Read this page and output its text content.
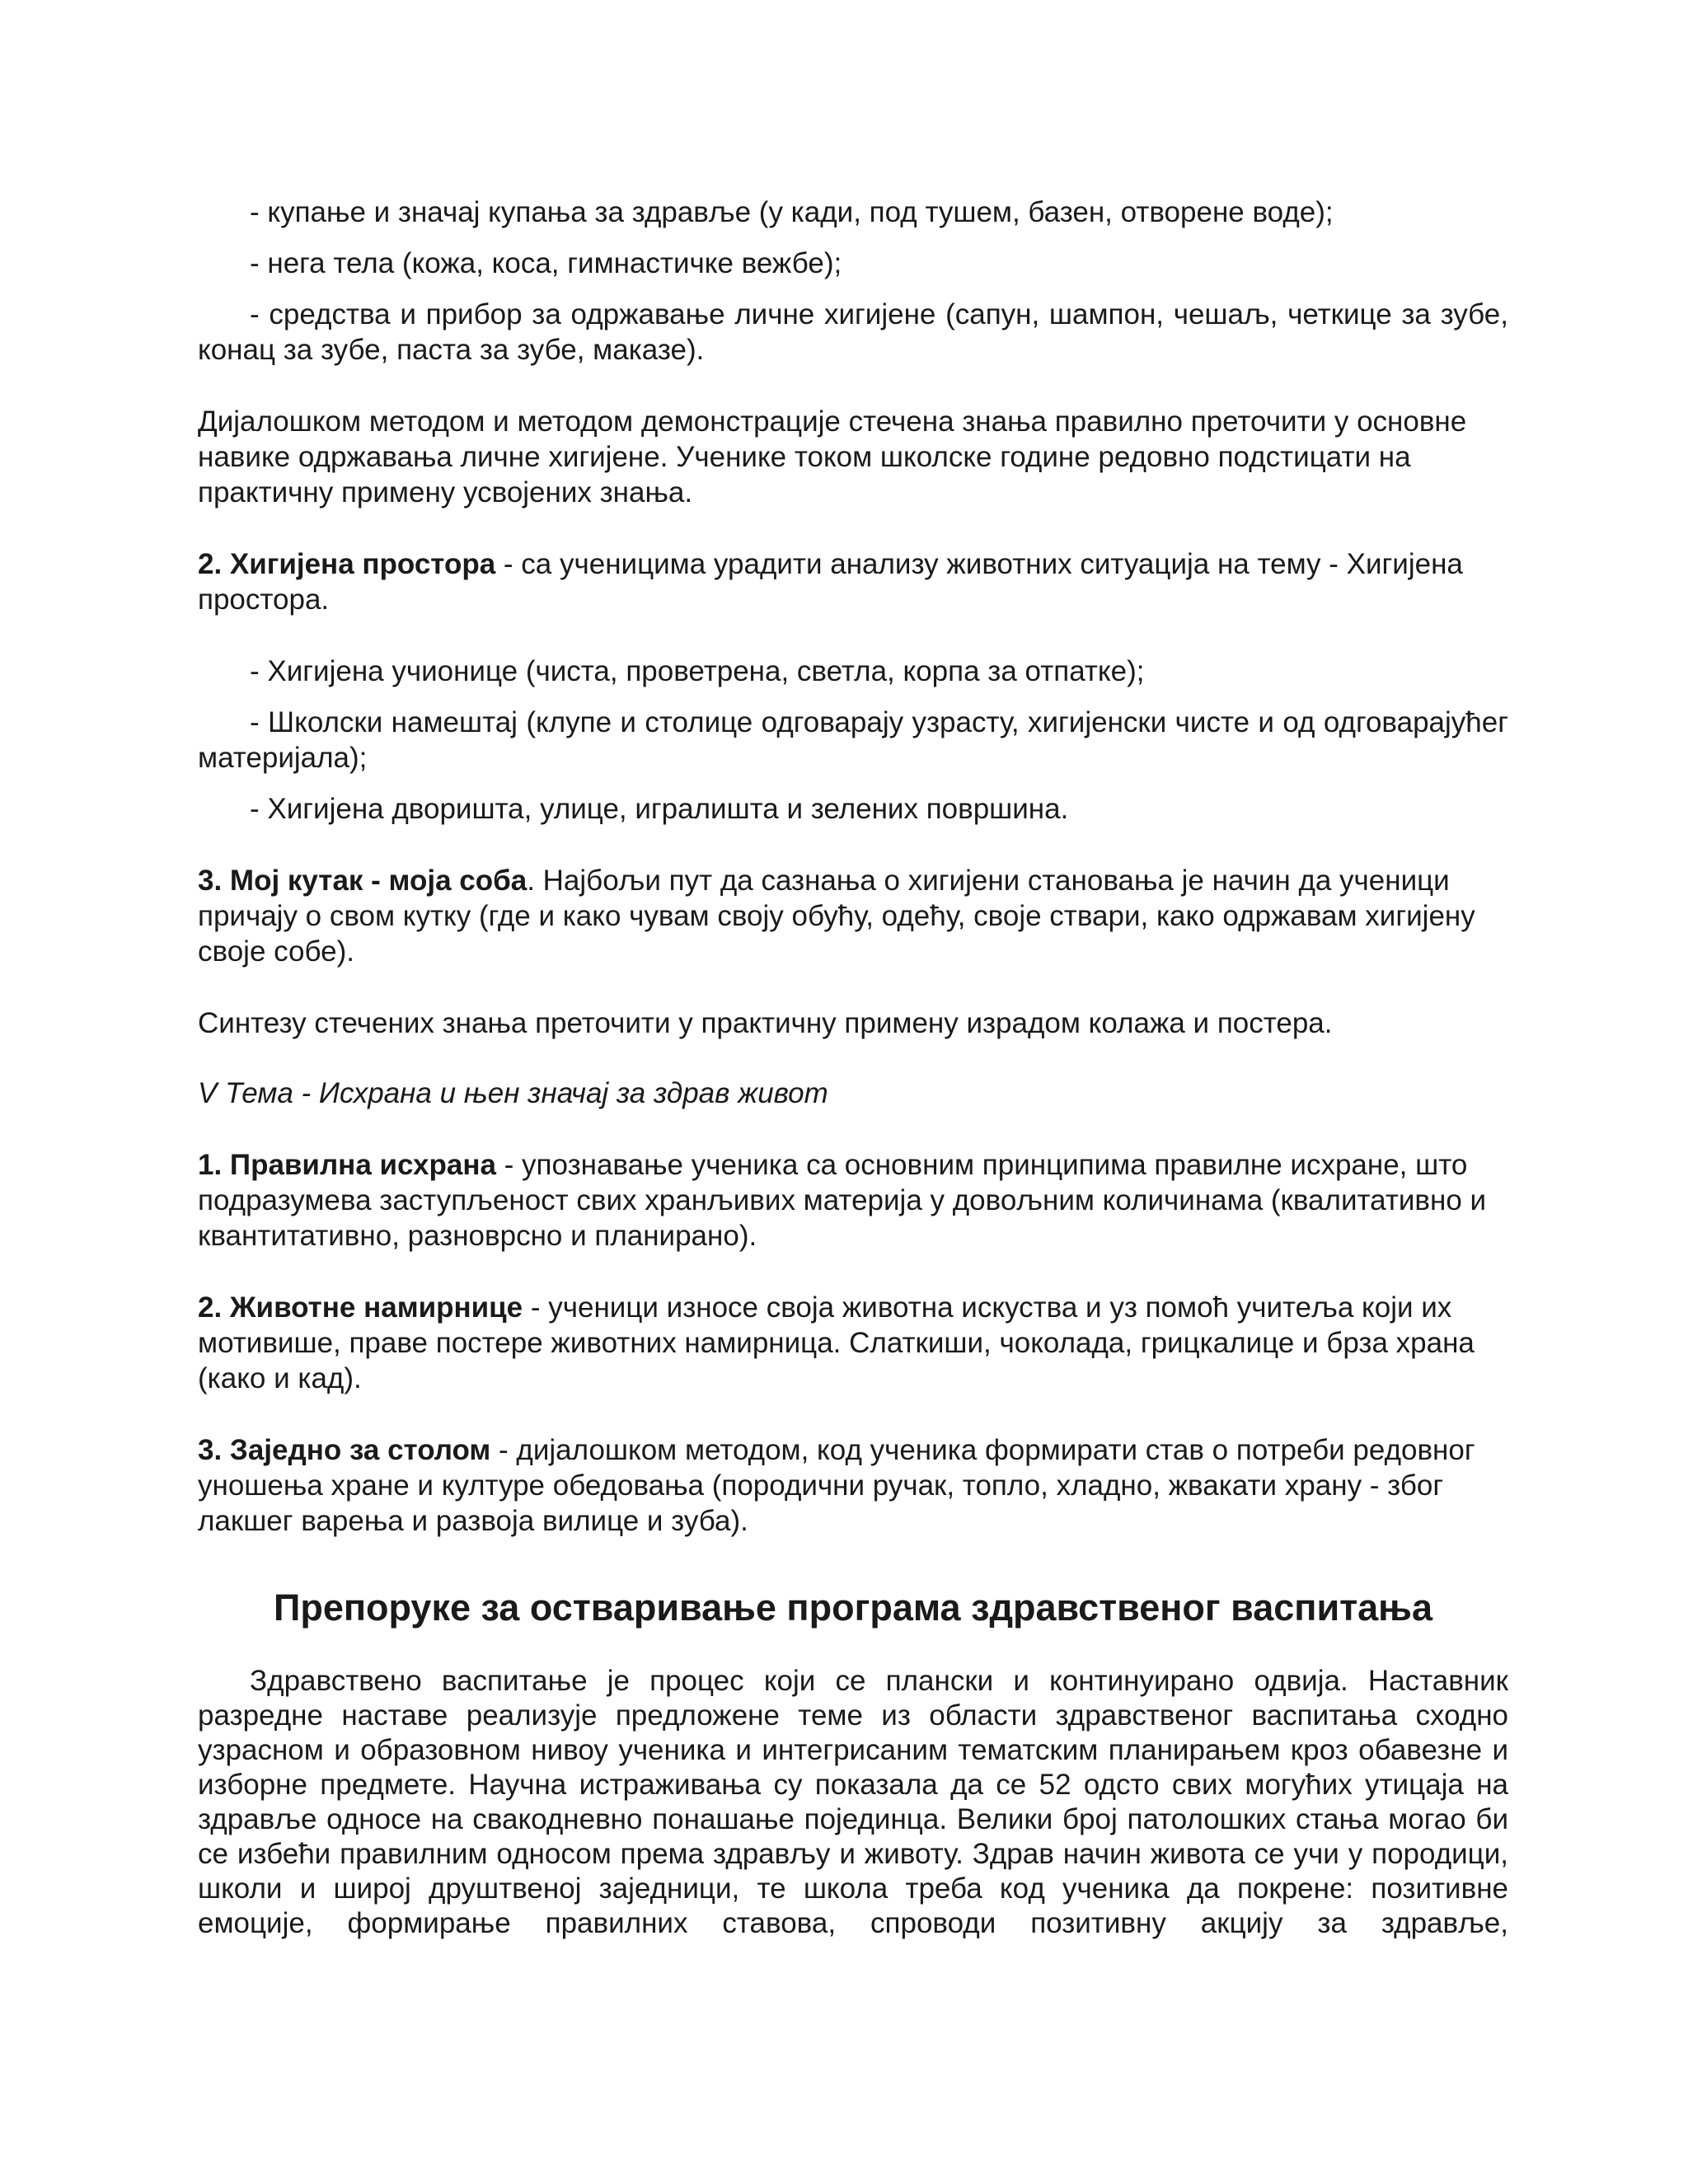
- купање и значај купања за здравље (у кади, под тушем, базен, отворене воде);

- нега тела (кожа, коса, гимнастичке вежбе);

- средства и прибор за одржавање личне хигијене (сапун, шампон, чешаљ, четкице за зубе, конац за зубе, паста за зубе, маказе).

Дијалошком методом и методом демонстрације стечена знања правилно преточити у основне навике одржавања личне хигијене. Ученике током школске године редовно подстицати на практичну примену усвојених знања.

2. Хигијена простора - са ученицима урадити анализу животних ситуација на тему - Хигијена простора.

- Хигијена учионице (чиста, проветрена, светла, корпа за отпатке);

- Школски намештај (клупе и столице одговарају узрасту, хигијенски чисте и од одговарајућег материјала);

- Хигијена дворишта, улице, игралишта и зелених површина.

3. Мој кутак - моја соба. Најбољи пут да сазнања о хигијени становања је начин да ученици причају о свом кутку (где и како чувам своју обућу, одећу, своје ствари, како одржавам хигијену своје собе).

Синтезу стечених знања преточити у практичну примену израдом колажа и постера.

V Тема - Исхрана и њен значај за здрав живот

1. Правилна исхрана - упознавање ученика са основним принципима правилне исхране, што подразумева заступљеност свих хранљивих материја у довољним количинама (квалитативно и квантитативно, разноврсно и планирано).

2. Животне намирнице - ученици износе своја животна искуства и уз помоћ учитеља који их мотивише, праве постере животних намирница. Слаткиши, чоколада, грицкалице и брза храна (како и кад).

3. Заједно за столом - дијалошком методом, код ученика формирати став о потреби редовног уношења хране и културе обедовања (породични ручак, топло, хладно, жвакати храну - због лакшег варења и развоја вилице и зуба).

Препоруке за остваривање програма здравственог васпитања

Здравствено васпитање је процес који се плански и континуирано одвија. Наставник разредне наставе реализује предложене теме из области здравственог васпитања сходно узрасном и образовном нивоу ученика и интегрисаним тематским планирањем кроз обавезне и изборне предмете. Научна истраживања су показала да се 52 одсто свих могућих утицаја на здравље односе на свакодневно понашање појединца. Велики број патолошких стања могао би се избећи правилним односом према здрављу и животу. Здрав начин живота се учи у породици, школи и широј друштвеној заједници, те школа треба код ученика да покрене: позитивне емоције, формирање правилних ставова, спроводи позитивну акцију за здравље,
